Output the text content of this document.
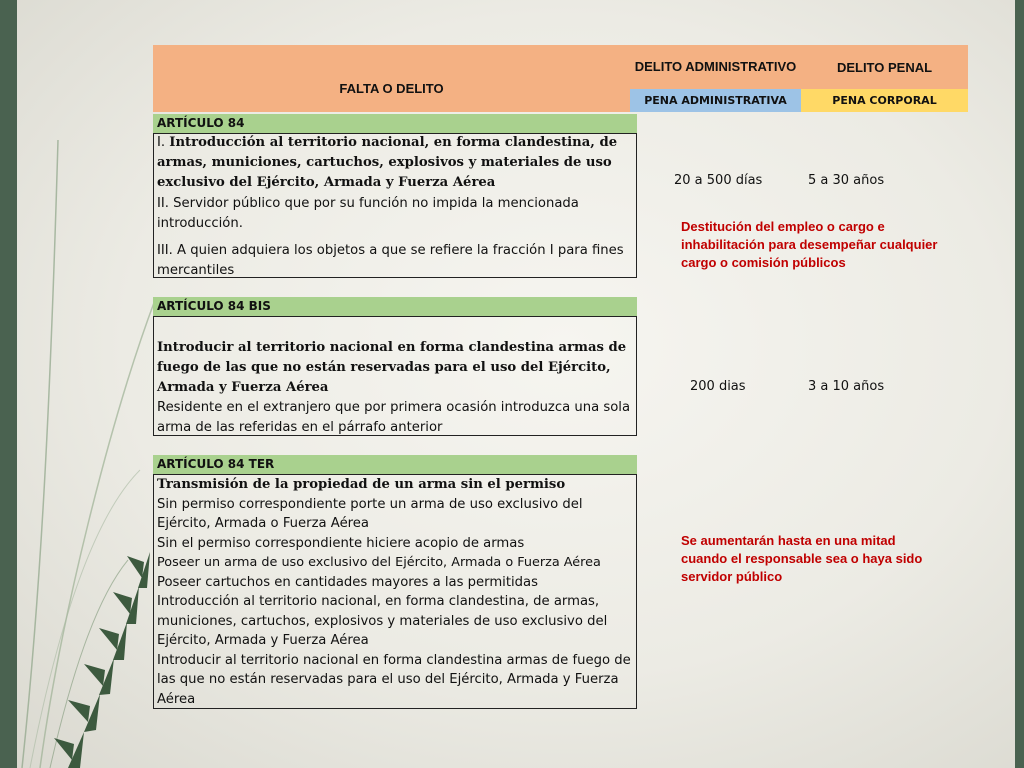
FALTA O DELITO
DELITO ADMINISTRATIVO	DELITO PENAL
PENA ADMINISTRATIVA	PENA CORPORAL
ARTÍCULO 84

I. Introducción al territorio nacional, en forma clandestina, de armas, municiones, cartuchos, explosivos y materiales de uso exclusivo del Ejército, Armada y Fuerza Aérea

II. Servidor público que por su función no impida la mencionada introducción.

III. A quien adquiera los objetos a que se refiere la fracción I para fines mercantiles

20 a 500 días	5 a 30 años
Destitución del empleo o cargo e inhabilitación para desempeñar cualquier cargo o comisión públicos
ARTÍCULO 84 BIS

Introducir al territorio nacional en forma clandestina armas de fuego de las que no están reservadas para el uso del Ejército, Armada y Fuerza Aérea

Residente en el extranjero que por primera ocasión introduzca una sola arma de las referidas en el párrafo anterior

200 dias	3 a 10 años
ARTÍCULO 84 TER

Transmisión de la propiedad de un arma sin el permiso

Sin permiso correspondiente porte un arma de uso exclusivo del Ejército, Armada o Fuerza Aérea

Sin el permiso correspondiente hiciere acopio de armas

Poseer un arma de uso exclusivo del Ejército, Armada o Fuerza Aérea

Poseer cartuchos en cantidades mayores a las permitidas

Introducción al territorio nacional, en forma clandestina, de armas, municiones, cartuchos, explosivos y materiales de uso exclusivo del Ejército, Armada y Fuerza Aérea

Introducir al territorio nacional en forma clandestina armas de fuego de las que no están reservadas para el uso del Ejército, Armada y Fuerza Aérea

Se aumentarán hasta en una mitad cuando el responsable sea o haya sido servidor público
